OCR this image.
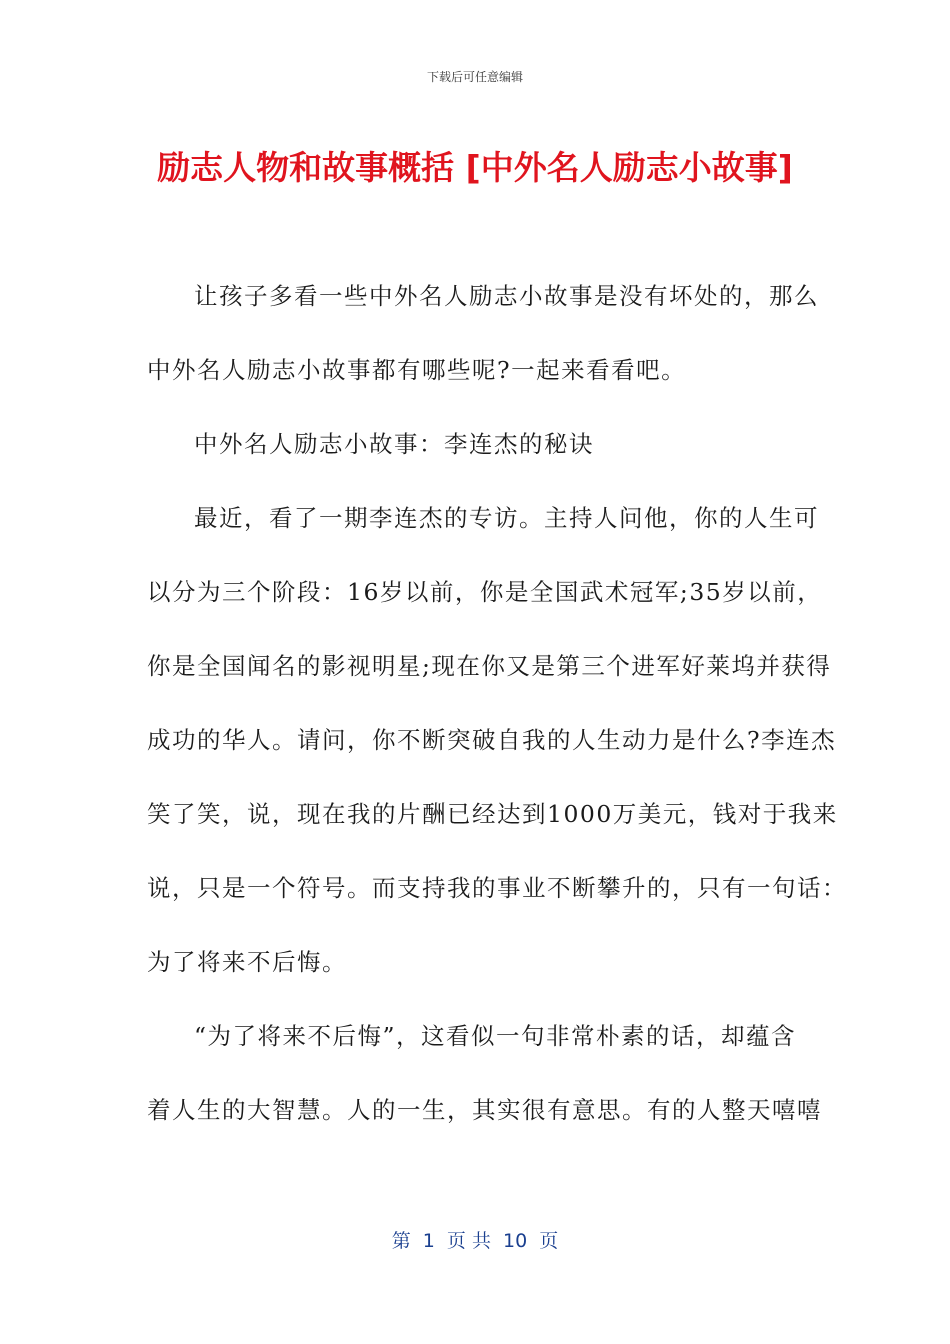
下载后可任意编辑
励志人物和故事概括 [中外名人励志小故事]
让孩子多看一些中外名人励志小故事是没有坏处的，那么
中外名人励志小故事都有哪些呢?一起来看看吧。
中外名人励志小故事：李连杰的秘诀
最近，看了一期李连杰的专访。主持人问他，你的人生可
以分为三个阶段：16岁以前，你是全国武术冠军;35岁以前，
你是全国闻名的影视明星;现在你又是第三个进军好莱坞并获得
成功的华人。请问，你不断突破自我的人生动力是什么?李连杰
笑了笑，说，现在我的片酬已经达到1000万美元，钱对于我来
说，只是一个符号。而支持我的事业不断攀升的，只有一句话：
为了将来不后悔。
“为了将来不后悔”，这看似一句非常朴素的话，却蕴含
着人生的大智慧。人的一生，其实很有意思。有的人整天嘻嘻
第  1  页 共  10  页
